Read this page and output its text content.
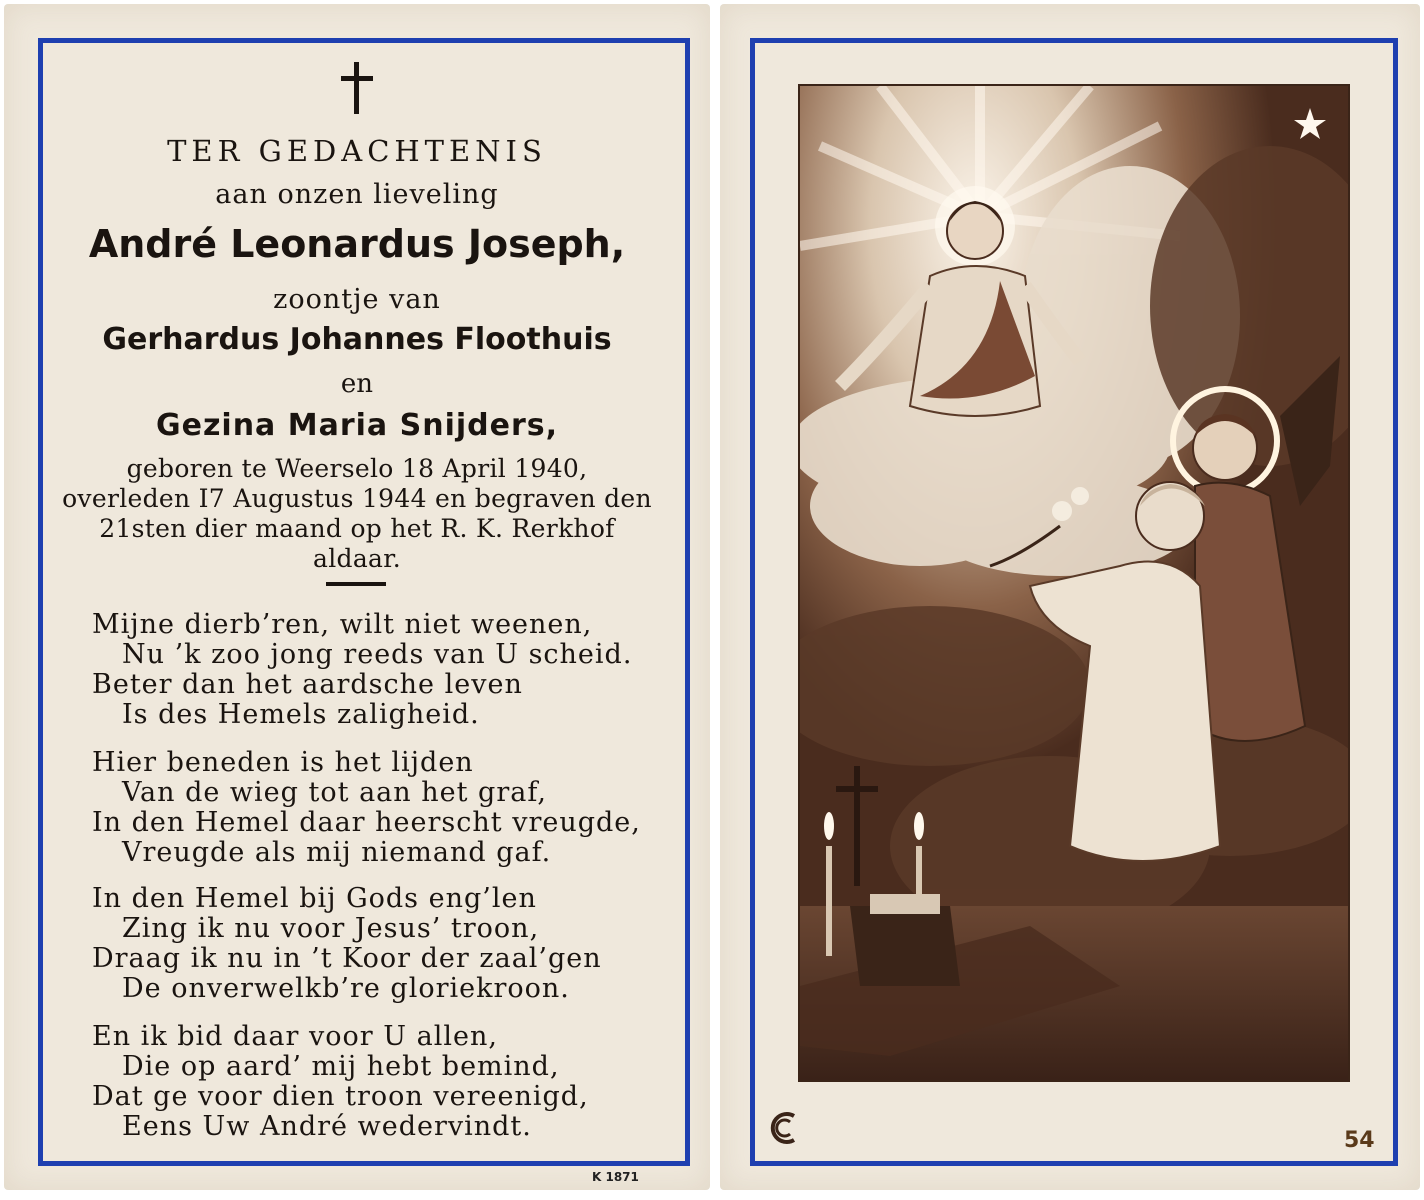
TER GEDACHTENIS
aan onzen lieveling
André Leonardus Joseph,
zoontje van
Gerhardus Johannes Floothuis
en
Gezina Maria Snijders,
geboren te Weerselo 18 April 1940, overleden I7 Augustus 1944 en begraven den 21sten dier maand op het R. K. Rerkhof aldaar.
Mijne dierb’ren, wilt niet weenen,
Nu ’k zoo jong reeds van U scheid.
Beter dan het aardsche leven
Is des Hemels zaligheid.
Hier beneden is het lijden
Van de wieg tot aan het graf,
In den Hemel daar heerscht vreugde,
Vreugde als mij niemand gaf.
In den Hemel bij Gods eng’len
Zing ik nu voor Jesus’ troon,
Draag ik nu in ’t Koor der zaal’gen
De onverwelkb’re gloriekroon.
En ik bid daar voor U allen,
Die op aard’ mij hebt bemind,
Dat ge voor dien troon vereenigd,
Eens Uw André wedervindt.
K 1871
54
